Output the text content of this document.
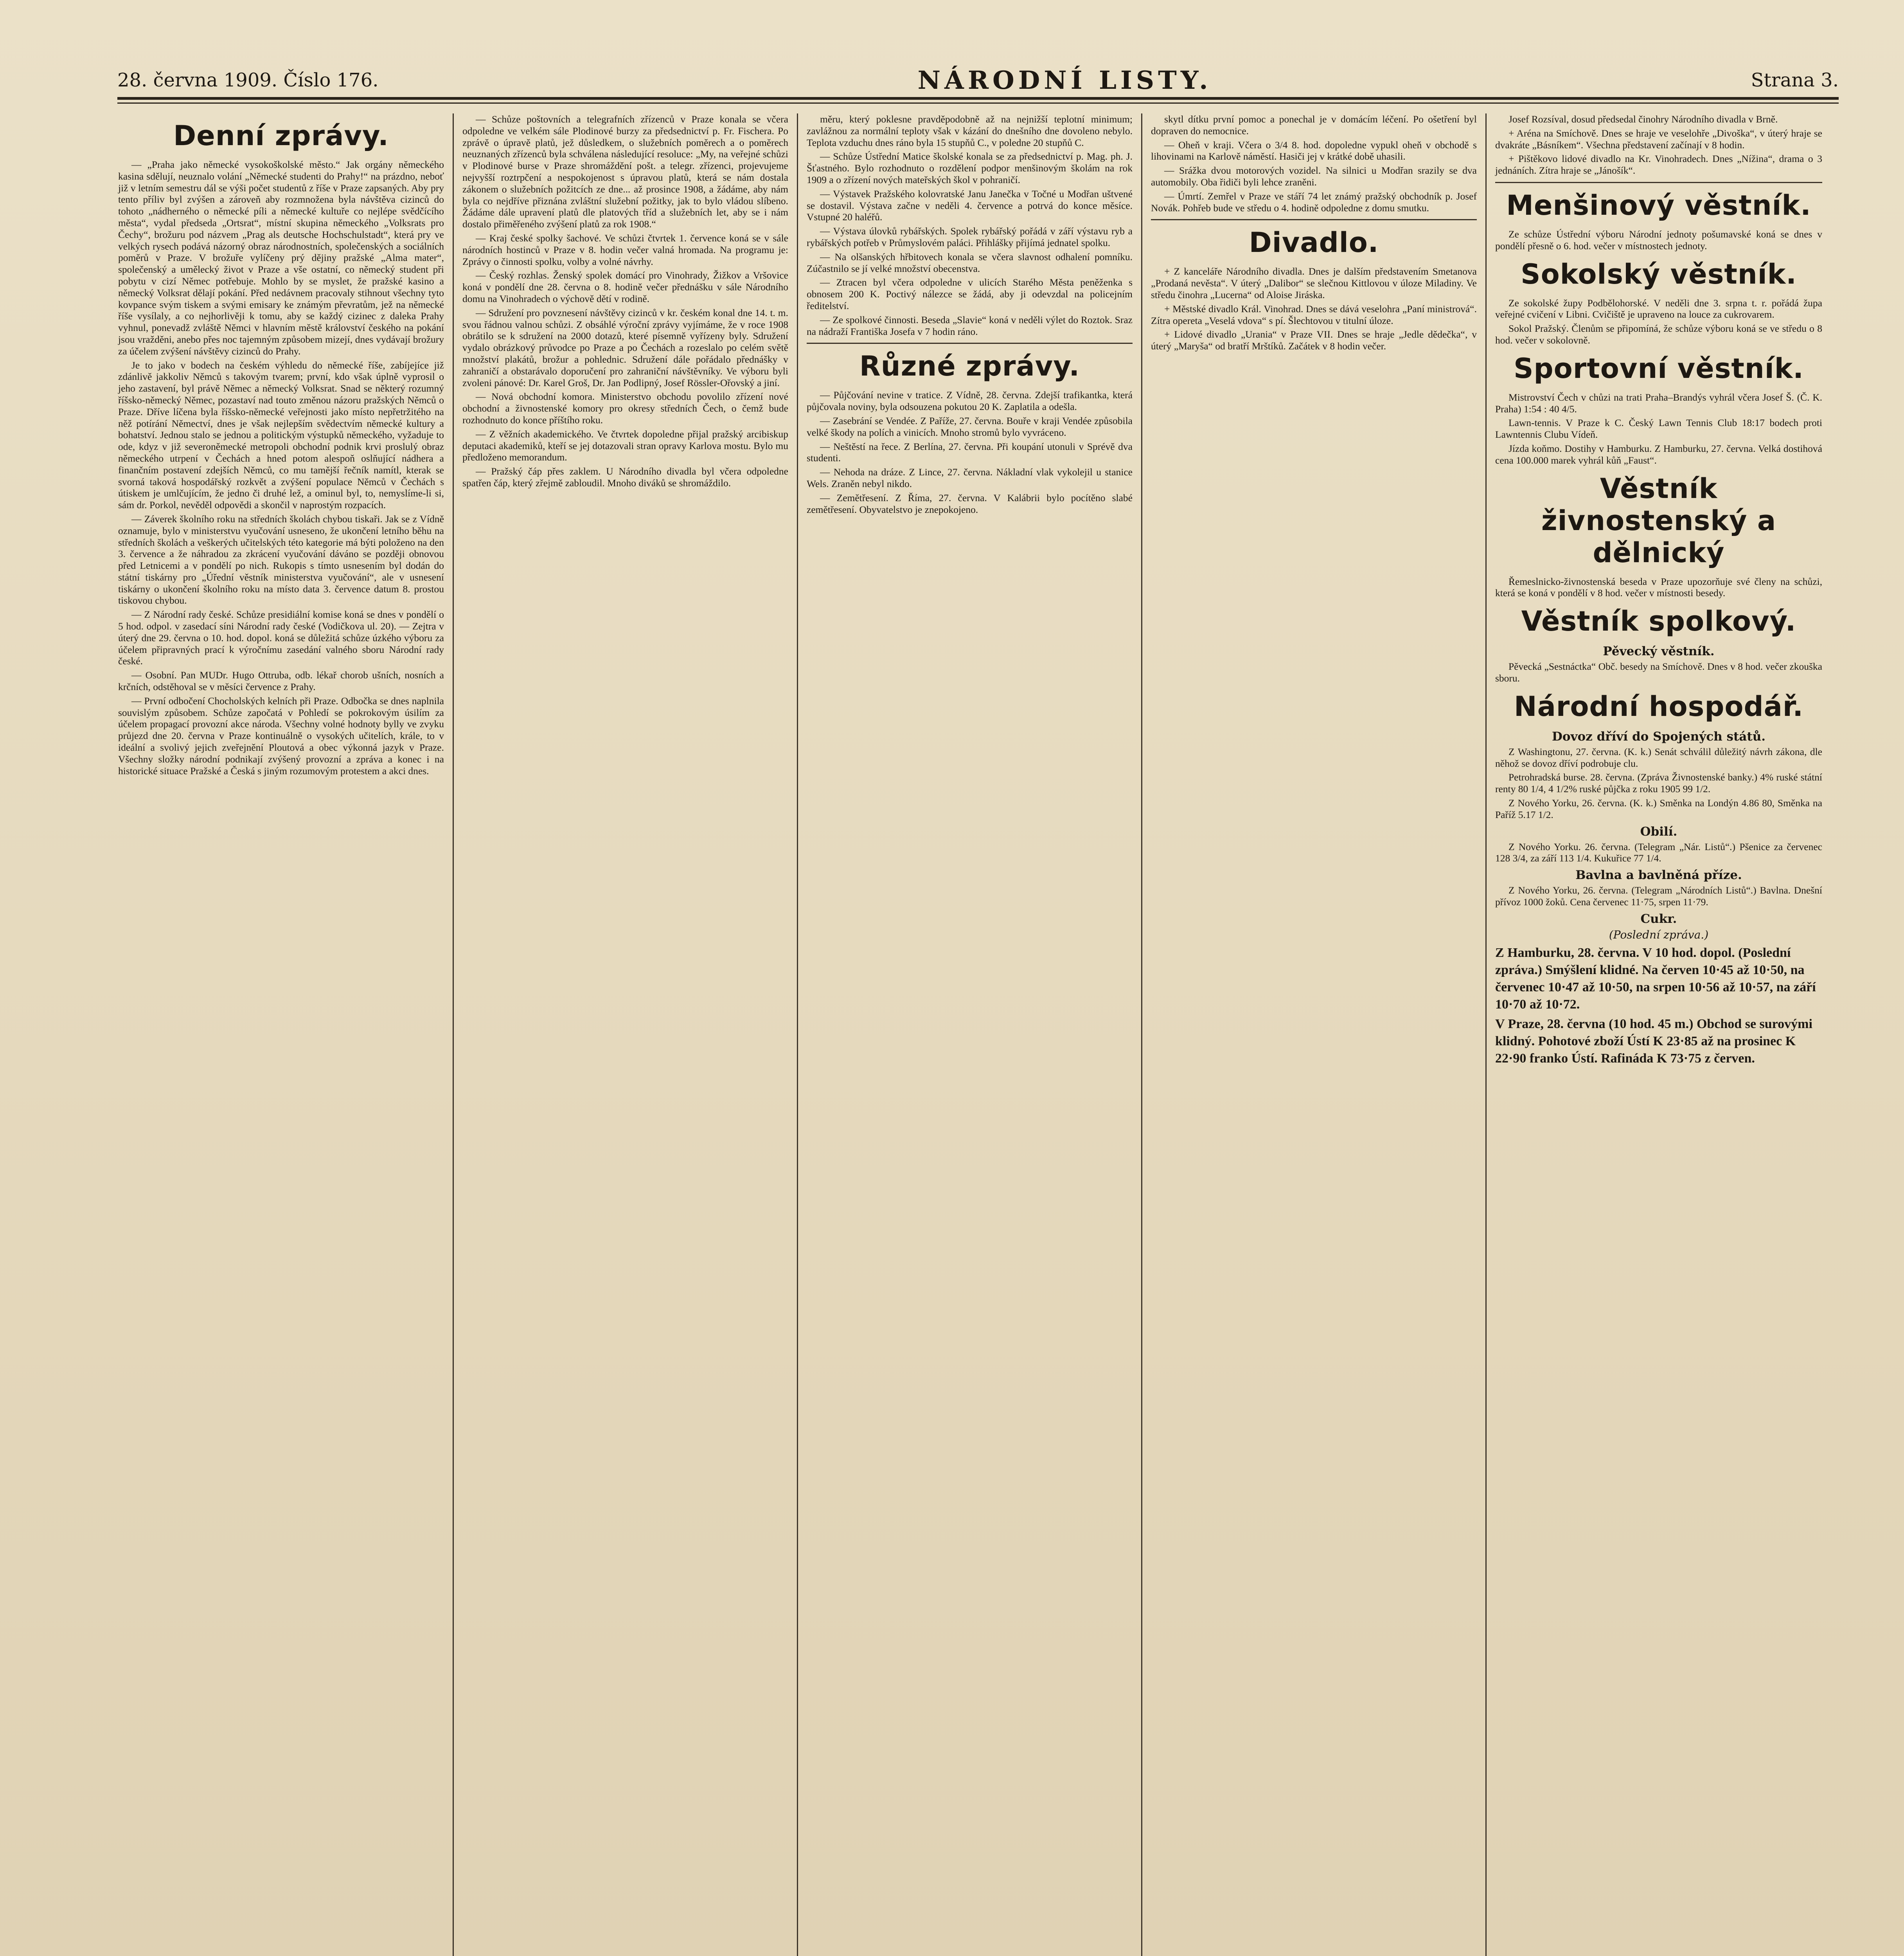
28. června 1909. Číslo 176.	NÁRODNÍ LISTY.	Strana 3.
Denní zprávy.

— „Praha jako německé vysokoškolské město.“ Jak orgány německého kasina sdělují, neuznalo volání „Německé studenti do Prahy!“ na prázdno, neboť již v letním semestru dál se výši počet studentů z říše v Praze zapsaných. Aby pry tento příliv byl zvýšen a zároveň aby rozmnožena byla návštěva cizinců do tohoto „nádherného o německé píli a německé kultuře co nejlépe svědčícího města“, vydal předseda „Ortsrat“, místní skupina německého „Volksrats pro Čechy“, brožuru pod názvem „Prag als deutsche Hochschulstadt“, která pry ve velkých rysech podává názorný obraz národnostních, společenských a sociálních poměrů v Praze. V brožuře vylíčeny prý dějiny pražské „Alma mater“, společenský a umělecký život v Praze a vše ostatní, co německý student při pobytu v cizí Němec potřebuje. Mohlo by se myslet, že pražské kasino a německý Volksrat dělají pokání. Před nedávnem pracovaly stihnout všechny tyto kovpance svým tiskem a svými emisary ke známým převratům, jež na německé říše vysílaly, a co nejhorlivěji k tomu, aby se každý cizinec z daleka Prahy vyhnul, ponevadž zvláště Němci v hlavním městě království českého na pokání jsou vražděni, anebo přes noc tajemným způsobem mizejí, dnes vydávají brožury za účelem zvýšení návštěvy cizinců do Prahy.

Je to jako v bodech na českém výhledu do německé říše, zabíjejíce již zdánlivě jakkoliv Němců s takovým tvarem; první, kdo však úplně vyprosil o jeho zastavení, byl právě Němec a německý Volksrat. Snad se některý rozumný říšsko-německý Němec, pozastaví nad touto změnou názoru pražských Němců o Praze. Dříve líčena byla říšsko-německé veřejnosti jako místo nepřetržitého na něž potírání Němectví, dnes je však nejlepším svědectvím německé kultury a bohatství. Jednou stalo se jednou a politickým výstupků německého, vyžaduje to ode, kdyz v již severoněmecké metropoli obchodní podnik krvi proslulý obraz německého utrpení v Čechách a hned potom alespoň oslňující nádhera a finančním postavení zdejších Němců, co mu tamější řečník namítl, kterak se svorná taková hospodářský rozkvět a zvýšení populace Němců v Čechách s útiskem je umlčujícím, že jedno či druhé lež, a ominul byl, to, nemyslíme-li si, sám dr. Porkol, nevěděl odpovědi a skončil v naprostým rozpacích.

— Záverek školního roku na středních školách chybou tiskaři. Jak se z Vídně oznamuje, bylo v ministerstvu vyučování usneseno, že ukončení letního běhu na středních školách a veškerých učitelských této kategorie má býti položeno na den 3. července a že náhradou za zkrácení vyučování dáváno se později obnovou před Letnicemi a v pondělí po nich. Rukopis s tímto usnesením byl dodán do státní tiskárny pro „Úřední věstník ministerstva vyučování“, ale v usnesení tiskárny o ukončení školního roku na místo data 3. července datum 8. prostou tiskovou chybou.

— Z Národní rady české. Schůze presidiální komise koná se dnes v pondělí o 5 hod. odpol. v zasedací síni Národní rady české (Vodičkova ul. 20). — Zejtra v úterý dne 29. června o 10. hod. dopol. koná se důležitá schůze úzkého výboru za účelem připravných prací k výročnímu zasedání valného sboru Národní rady české.

— Osobní. Pan MUDr. Hugo Ottruba, odb. lékař chorob ušních, nosních a krčních, odstěhoval se v měsíci července z Prahy.

— První odbočení Chocholských kelních při Praze. Odbočka se dnes naplnila souvislým způsobem. Schůze započatá v Pohledí se pokrokovým úsilím za účelem propagací provozní akce národa. Všechny volné hodnoty bylly ve zvyku průjezd dne 20. června v Praze kontinuálně o vysokých učitelích, krále, to v ideální a svolivý jejich zveřejnění Ploutová a obec výkonná jazyk v Praze. Všechny složky národní podnikají zvýšený provozní a zpráva a konec i na historické situace Pražské a Česká s jiným rozumovým protestem a akci dnes.

— Schůze poštovních a telegrafních zřízenců v Praze konala se včera odpoledne ve velkém sále Plodinové burzy za předsednictví p. Fr. Fischera. Po zprávě o úpravě platů, jež důsledkem, o služebních poměrech a o poměrech neuznaných zřízenců byla schválena následující resoluce: „My, na veřejné schůzi v Plodinové burse v Praze shromáždění pošt. a telegr. zřízenci, projevujeme nejvyšší roztrpčení a nespokojenost s úpravou platů, která se nám dostala zákonem o služebních požitcích ze dne... až prosince 1908, a žádáme, aby nám byla co nejdříve přiznána zvláštní služební požitky, jak to bylo vládou slíbeno. Žádáme dále upravení platů dle platových tříd a služebních let, aby se i nám dostalo přiměřeného zvýšení platů za rok 1908.“

— Kraj české spolky šachové. Ve schůzi čtvrtek 1. července koná se v sále národních hostinců v Praze v 8. hodin večer valná hromada. Na programu je: Zprávy o činnosti spolku, volby a volné návrhy.

— Český rozhlas. Ženský spolek domácí pro Vinohrady, Žižkov a Vršovice koná v pondělí dne 28. června o 8. hodině večer přednášku v sále Národního domu na Vinohradech o výchově dětí v rodině.

— Sdružení pro povznesení návštěvy cizinců v kr. českém konal dne 14. t. m. svou řádnou valnou schůzi. Z obsáhlé výroční zprávy vyjímáme, že v roce 1908 obrátilo se k sdružení na 2000 dotazů, které písemně vyřízeny byly. Sdružení vydalo obrázkový průvodce po Praze a po Čechách a rozeslalo po celém světě množství plakátů, brožur a pohlednic. Sdružení dále pořádalo přednášky v zahraničí a obstarávalo doporučení pro zahraniční návštěvníky. Ve výboru byli zvoleni pánové: Dr. Karel Groš, Dr. Jan Podlipný, Josef Rössler-Ořovský a jiní.

— Nová obchodní komora. Ministerstvo obchodu povolilo zřízení nové obchodní a živnostenské komory pro okresy středních Čech, o čemž bude rozhodnuto do konce příštího roku.

— Z věžních akademického. Ve čtvrtek dopoledne přijal pražský arcibiskup deputaci akademiků, kteří se jej dotazovali stran opravy Karlova mostu. Bylo mu předloženo memorandum.

— Pražský čáp přes zaklem. U Národního divadla byl včera odpoledne spatřen čáp, který zřejmě zabloudil. Mnoho diváků se shromáždilo.

měru, který poklesne pravděpodobně až na nejnižší teplotní minimum; zavlážnou za normální teploty však v kázání do dnešního dne dovoleno nebylo. Teplota vzduchu dnes ráno byla 15 stupňů C., v poledne 20 stupňů C.

— Schůze Ústřední Matice školské konala se za předsednictví p. Mag. ph. J. Šťastného. Bylo rozhodnuto o rozdělení podpor menšinovým školám na rok 1909 a o zřízení nových mateřských škol v pohraničí.

— Výstavek Pražského kolovratské Janu Janečka v Točné u Modřan uštvené se dostavil. Výstava začne v neděli 4. července a potrvá do konce měsíce. Vstupné 20 haléřů.

— Výstava úlovků rybářských. Spolek rybářský pořádá v září výstavu ryb a rybářských potřeb v Průmyslovém paláci. Přihlášky přijímá jednatel spolku.

— Na olšanských hřbitovech konala se včera slavnost odhalení pomníku. Zúčastnilo se jí velké množství obecenstva.

— Ztracen byl včera odpoledne v ulicích Starého Města peněženka s obnosem 200 K. Poctivý nálezce se žádá, aby ji odevzdal na policejním ředitelství.

— Ze spolkové činnosti. Beseda „Slavie“ koná v neděli výlet do Roztok. Sraz na nádraží Františka Josefa v 7 hodin ráno.

Různé zprávy.

— Půjčování nevine v tratice. Z Vídně, 28. června. Zdejší trafikantka, která půjčovala noviny, byla odsouzena pokutou 20 K. Zaplatila a odešla.

— Zasebrání se Vendée. Z Paříže, 27. června. Bouře v kraji Vendée způsobila velké škody na polích a vinicích. Mnoho stromů bylo vyvráceno.

— Neštěstí na řece. Z Berlína, 27. června. Při koupání utonuli v Sprévě dva studenti.

— Nehoda na dráze. Z Lince, 27. června. Nákladní vlak vykolejil u stanice Wels. Zraněn nebyl nikdo.

— Zemětřesení. Z Říma, 27. června. V Kalábrii bylo pocítěno slabé zemětřesení. Obyvatelstvo je znepokojeno.

skytl dítku první pomoc a ponechal je v domácím léčení. Po ošetření byl dopraven do nemocnice.

— Oheň v kraji. Včera o 3/4 8. hod. dopoledne vypukl oheň v obchodě s lihovinami na Karlově náměstí. Hasiči jej v krátké době uhasili.

— Srážka dvou motorových vozidel. Na silnici u Modřan srazily se dva automobily. Oba řidiči byli lehce zraněni.

— Úmrtí. Zemřel v Praze ve stáří 74 let známý pražský obchodník p. Josef Novák. Pohřeb bude ve středu o 4. hodině odpoledne z domu smutku.

Divadlo.

+ Z kanceláře Národního divadla. Dnes je dalším představením Smetanova „Prodaná nevěsta“. V úterý „Dalibor“ se slečnou Kittlovou v úloze Miladiny. Ve středu činohra „Lucerna“ od Aloise Jiráska.

+ Městské divadlo Král. Vinohrad. Dnes se dává veselohra „Paní ministrová“. Zítra opereta „Veselá vdova“ s pí. Šlechtovou v titulní úloze.

+ Lidové divadlo „Urania“ v Praze VII. Dnes se hraje „Jedle dědečka“, v úterý „Maryša“ od bratří Mrštíků. Začátek v 8 hodin večer.

Josef Rozsíval, dosud předsedal činohry Národního divadla v Brně.

+ Aréna na Smíchově. Dnes se hraje ve veselohře „Divoška“, v úterý hraje se dvakráte „Básníkem“. Všechna představení začínají v 8 hodin.

+ Pištěkovo lidové divadlo na Kr. Vinohradech. Dnes „Nížina“, drama o 3 jednáních. Zítra hraje se „Jánošík“.

Menšinový věstník.

Ze schůze Ústřední výboru Národní jednoty pošumavské koná se dnes v pondělí přesně o 6. hod. večer v místnostech jednoty.

Sokolský věstník.

Ze sokolské župy Podbělohorské. V neděli dne 3. srpna t. r. pořádá župa veřejné cvičení v Libni. Cvičiště je upraveno na louce za cukrovarem.

Sokol Pražský. Členům se připomíná, že schůze výboru koná se ve středu o 8 hod. večer v sokolovně.

Sportovní věstník.

Mistrovství Čech v chůzi na trati Praha–Brandýs vyhrál včera Josef Š. (Č. K. Praha) 1:54 : 40 4/5.

Lawn-tennis. V Praze k C. Český Lawn Tennis Club 18:17 bodech proti Lawntennis Clubu Vídeň.

Jízda koňmo. Dostihy v Hamburku. Z Hamburku, 27. června. Velká dostihová cena 100.000 marek vyhrál kůň „Faust“.

Věstník živnostenský a dělnický

Řemeslnicko-živnostenská beseda v Praze upozorňuje své členy na schůzi, která se koná v pondělí v 8 hod. večer v místnosti besedy.

Věstník spolkový.
Pěvecký věstník.

Pěvecká „Sestnáctka“ Obč. besedy na Smíchově. Dnes v 8 hod. večer zkouška sboru.

Národní hospodář.
Dovoz dříví do Spojených států.

Z Washingtonu, 27. června. (K. k.) Senát schválil důležitý návrh zákona, dle něhož se dovoz dříví podrobuje clu.

Petrohradská burse. 28. června. (Zpráva Živnostenské banky.) 4% ruské státní renty 80 1/4, 4 1/2% ruské půjčka z roku 1905 99 1/2.

Z Nového Yorku, 26. června. (K. k.) Směnka na Londýn 4.86 80, Směnka na Paříž 5.17 1/2.

Obilí.

Z Nového Yorku. 26. června. (Telegram „Nár. Listů“.) Pšenice za červenec 128 3/4, za září 113 1/4. Kukuřice 77 1/4.

Bavlna a bavlněná příze.

Z Nového Yorku, 26. června. (Telegram „Národních Listů“.) Bavlna. Dnešní přívoz 1000 žoků. Cena červenec 11·75, srpen 11·79.

Cukr.
(Poslední zpráva.)

Z Hamburku, 28. června. V 10 hod. dopol. (Poslední zpráva.) Smýšlení klidné. Na červen 10·45 až 10·50, na červenec 10·47 až 10·50, na srpen 10·56 až 10·57, na září 10·70 až 10·72.

V Praze, 28. června (10 hod. 45 m.) Obchod se surovými klidný. Pohotové zboží Ústí K 23·85 až na prosinec K 22·90 franko Ústí. Rafináda K 73·75 z červen.
